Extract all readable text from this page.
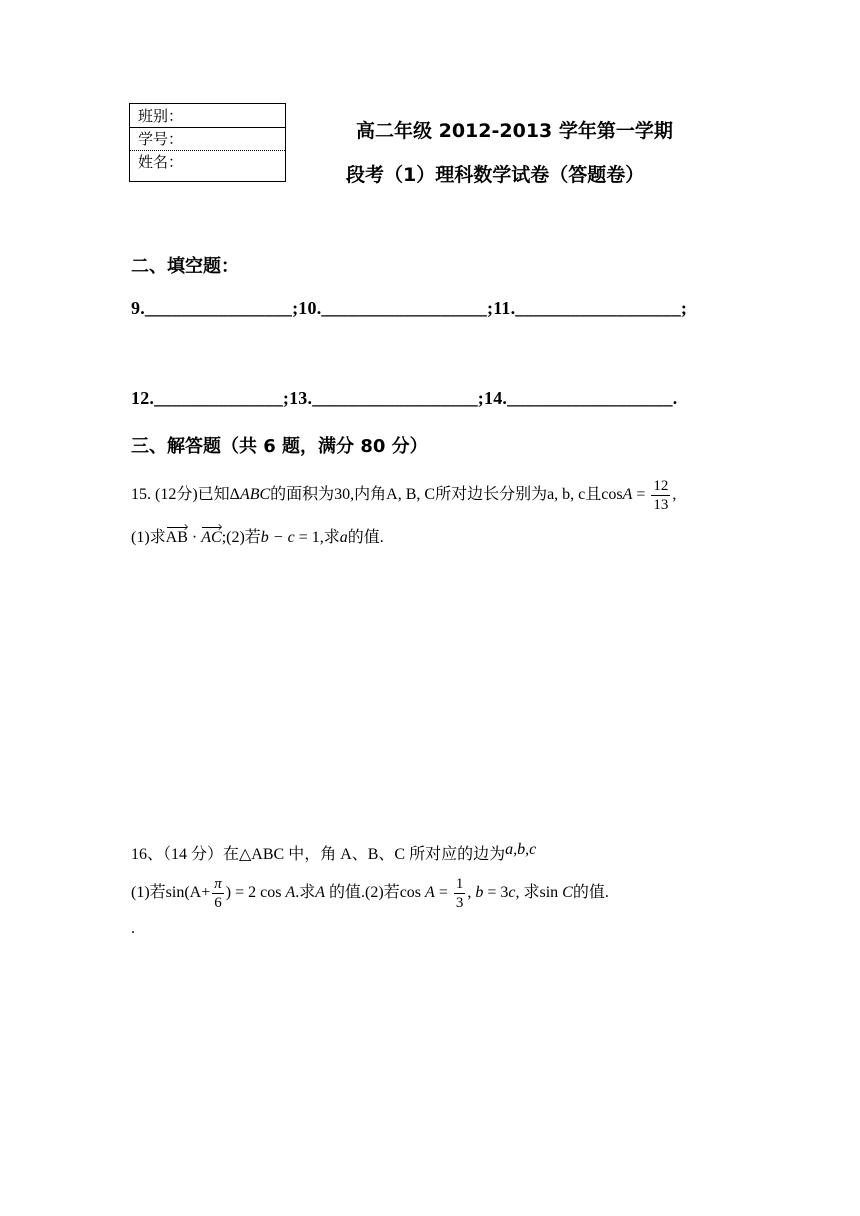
班别：
学号：
姓名：
高二年级 2012-2013 学年第一学期
段考（1）理科数学试卷（答题卷）
二、填空题：
9.________________;10.__________________;11.__________________;
12.______________;13.__________________;14.__________________.
三、解答题（共 6 题，满分 80 分）
15. (12分)已知ΔABC的面积为30,内角A, B, C所对边长分别为a, b, c且$\cos A = \frac{12}{13}$ ,
(1)求AB · AC;(2)若b − c = 1,求a的值.
16、（14 分）在△ABC 中，角 A、B、C 所对应的边为a,b,c
(1)若$\sin(A+ \frac{\pi}{6}$ ) = 2 cos A.求A 的值.(2)若$\cos A = \frac{1}{3}$ , b = 3c, 求sin C的值.
.
